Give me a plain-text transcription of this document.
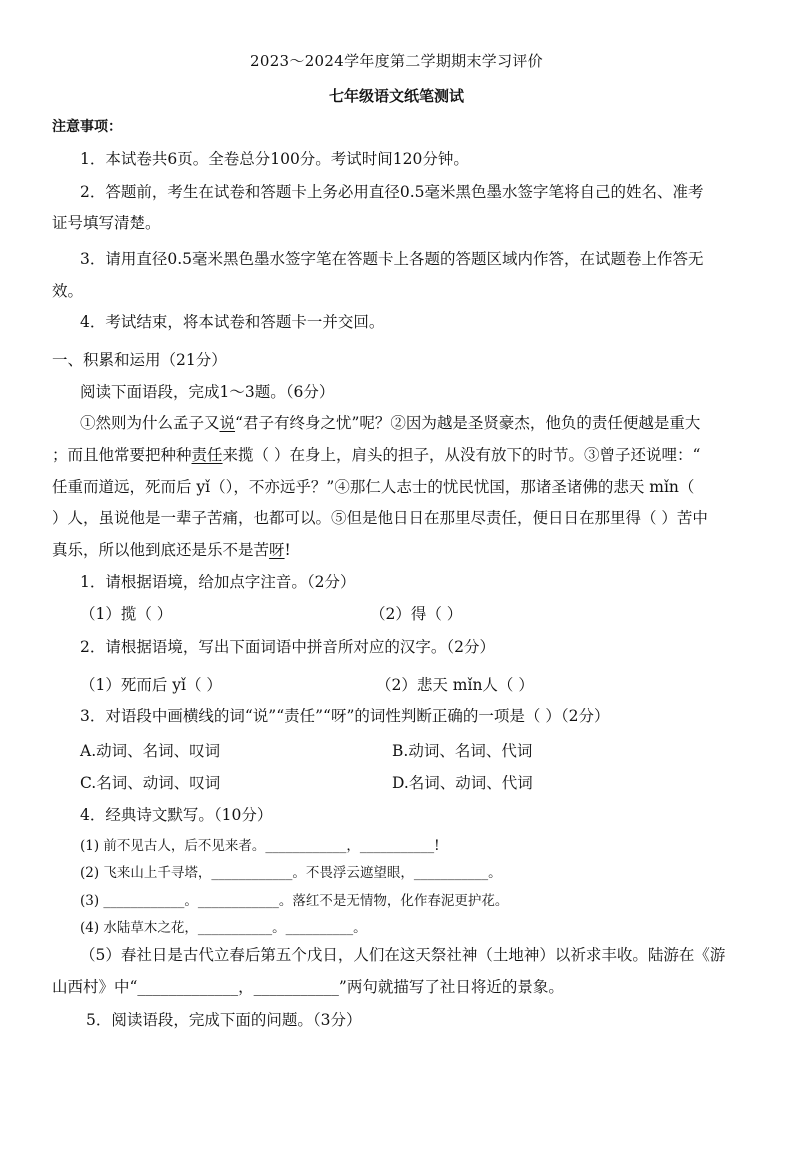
2023～2024学年度第二学期期末学习评价
七年级语文纸笔测试
注意事项：
1．本试卷共6页。全卷总分100分。考试时间120分钟。
2．答题前，考生在试卷和答题卡上务必用直径0.5毫米黑色墨水签字笔将自己的姓名、准考
证号填写清楚。
3．请用直径0.5毫米黑色墨水签字笔在答题卡上各题的答题区域内作答，在试题卷上作答无
效。
4．考试结束，将本试卷和答题卡一并交回。
一、积累和运用（21分）
阅读下面语段，完成1～3题。（6分）
①然则为什么孟子又说“君子有终身之忧”呢？②因为越是圣贤豪杰，他负的责任便越是重大
；而且他常要把种种责任来揽（ ）在身上，肩头的担子，从没有放下的时节。③曾子还说哩：“
任重而道远，死而后 yǐ（），不亦远乎？”④那仁人志士的忧民忧国，那诸圣诸佛的悲天 mǐn（
）人，虽说他是一辈子苦痛，也都可以。⑤但是他日日在那里尽责任，便日日在那里得（ ）苦中
真乐，所以他到底还是乐不是苦呀!
1．请根据语境，给加点字注音。（2分）
（1）揽（ ）	（2）得（ ）
2．请根据语境，写出下面词语中拼音所对应的汉字。（2分）
（1）死而后 yǐ（ ）	（2）悲天 mǐn人（ ）
3．对语段中画横线的词“说”“责任”“呀”的词性判断正确的一项是（ ）（2分）
A.动词、名词、叹词	B.动词、名词、代词
C.名词、动词、叹词	D.名词、动词、代词
4．经典诗文默写。（10分）
(1) 前不见古人，后不见来者。____________，___________!
(2) 飞来山上千寻塔，____________。不畏浮云遮望眼，___________。
(3) ____________。____________。落红不是无情物，化作春泥更护花。
(4) 水陆草木之花，___________。__________。
（5）春社日是古代立春后第五个戊日，人们在这天祭社神（土地神）以祈求丰收。陆游在《游
山西村》中“_____________，___________”两句就描写了社日将近的景象。
5．阅读语段，完成下面的问题。（3分）
